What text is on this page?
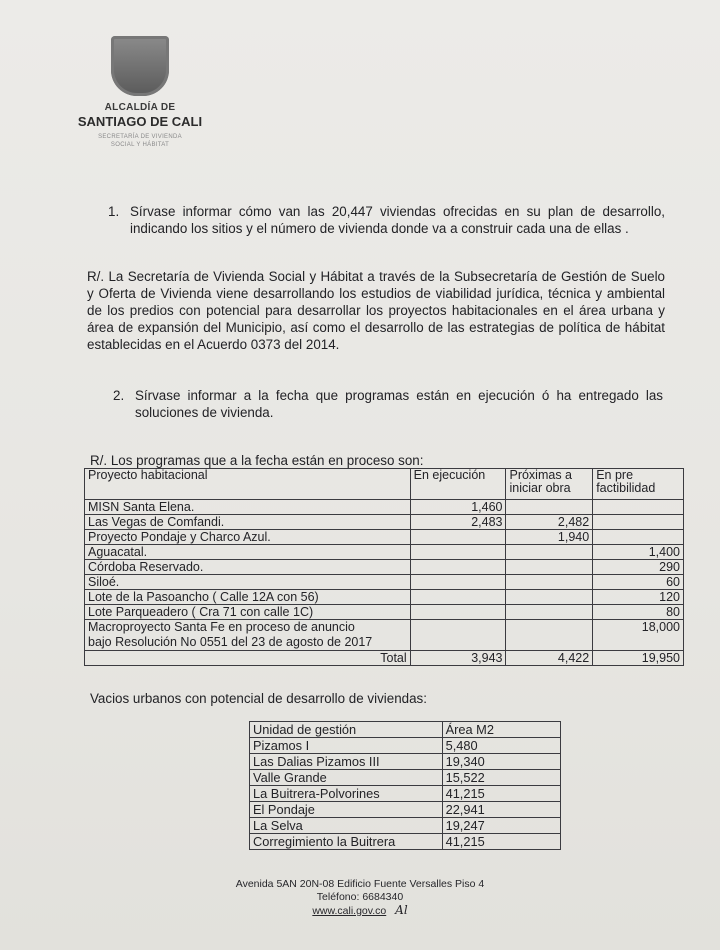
ALCALDÍA DE
SANTIAGO DE CALI
SECRETARÍA DE VIVIENDA
SOCIAL Y HÁBITAT
1. Sírvase informar cómo van las 20,447 viviendas ofrecidas en su plan de desarrollo, indicando los sitios y el número de vivienda donde va a construir cada una de ellas .
R/. La Secretaría de Vivienda Social y Hábitat a través de la Subsecretaría de Gestión de Suelo y Oferta de Vivienda viene desarrollando los estudios de viabilidad jurídica, técnica y ambiental de los predios con potencial para desarrollar los proyectos habitacionales en el área urbana y área de expansión del Municipio, así como el desarrollo de las estrategias de política de hábitat establecidas en el Acuerdo 0373 del 2014.
2. Sírvase informar a la fecha que programas están en ejecución ó ha entregado las soluciones de vivienda.
R/. Los programas que a la fecha están en proceso son:
Proyecto habitacional	En ejecución	Próximas a iniciar obra	En pre factibilidad
MISN Santa Elena.	1,460		
Las Vegas de Comfandi.	2,483	2,482	
Proyecto Pondaje y Charco Azul.		1,940	
Aguacatal.			1,400
Córdoba Reservado.			290
Siloé.			60
Lote de la Pasoancho ( Calle 12A con 56)			120
Lote Parqueadero ( Cra 71 con calle 1C)			80

Macroproyecto Santa Fe en proceso de anuncio
bajo Resolución No 0551 del 23 de agosto de 2017			18,000
Total	3,943	4,422	19,950
Vacios urbanos con potencial de desarrollo de viviendas:
Unidad de gestión	Área M2
Pizamos I	5,480
Las Dalias Pizamos III	19,340
Valle Grande	15,522
La Buitrera-Polvorines	41,215
El Pondaje	22,941
La Selva	19,247
Corregimiento la Buitrera	41,215
Avenida 5AN 20N-08 Edificio Fuente Versalles Piso 4
Teléfono: 6684340
www.cali.gov.co Al
